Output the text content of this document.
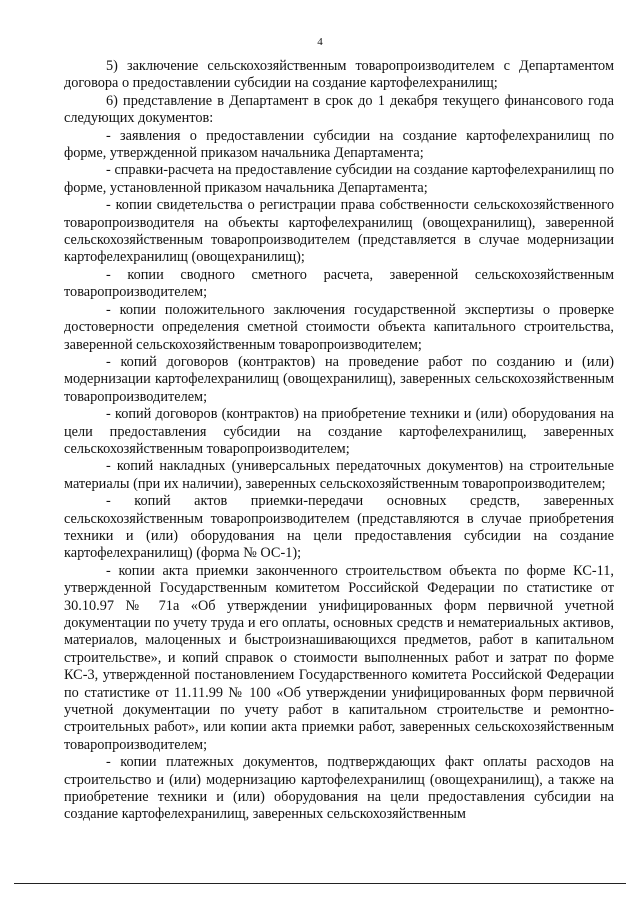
4

5) заключение сельскохозяйственным товаропроизводителем с Департаментом договора о предоставлении субсидии на создание картофелехранилищ;

6) представление в Департамент в срок до 1 декабря текущего финансового года следующих документов:

- заявления о предоставлении субсидии на создание картофелехранилищ по форме, утвержденной приказом начальника Департамента;

- справки-расчета на предоставление субсидии на создание картофелехранилищ по форме, установленной приказом начальника Департамента;

- копии свидетельства о регистрации права собственности сельскохозяйственного товаропроизводителя на объекты картофелехранилищ (овощехранилищ), заверенной сельскохозяйственным товаропроизводителем (представляется в случае модернизации картофелехранилищ (овощехранилищ);

- копии сводного сметного расчета, заверенной сельскохозяйственным товаропроизводителем;

- копии положительного заключения государственной экспертизы о проверке достоверности определения сметной стоимости объекта капитального строительства, заверенной сельскохозяйственным товаропроизводителем;

- копий договоров (контрактов) на проведение работ по созданию и (или) модернизации картофелехранилищ (овощехранилищ), заверенных сельскохозяйственным товаропроизводителем;

- копий договоров (контрактов) на приобретение техники и (или) оборудования на цели предоставления субсидии на создание картофелехранилищ, заверенных сельскохозяйственным товаропроизводителем;

- копий накладных (универсальных передаточных документов) на строительные материалы (при их наличии), заверенных сельскохозяйственным товаропроизводителем;

- копий актов приемки-передачи основных средств, заверенных сельскохозяйственным товаропроизводителем (представляются в случае приобретения техники и (или) оборудования на цели предоставления субсидии на создание картофелехранилищ) (форма № ОС-1);

- копии акта приемки законченного строительством объекта по форме КС-11, утвержденной Государственным комитетом Российской Федерации по статистике от 30.10.97 № 71а «Об утверждении унифицированных форм первичной учетной документации по учету труда и его оплаты, основных средств и нематериальных активов, материалов, малоценных и быстроизнашивающихся предметов, работ в капитальном строительстве», и копий справок о стоимости выполненных работ и затрат по форме КС-3, утвержденной постановлением Государственного комитета Российской Федерации по статистике от 11.11.99 № 100 «Об утверждении унифицированных форм первичной учетной документации по учету работ в капитальном строительстве и ремонтно-строительных работ», или копии акта приемки работ, заверенных сельскохозяйственным товаропроизводителем;

- копии платежных документов, подтверждающих факт оплаты расходов на строительство и (или) модернизацию картофелехранилищ (овощехранилищ), а также на приобретение техники и (или) оборудования на цели предоставления субсидии на создание картофелехранилищ, заверенных сельскохозяйственным
